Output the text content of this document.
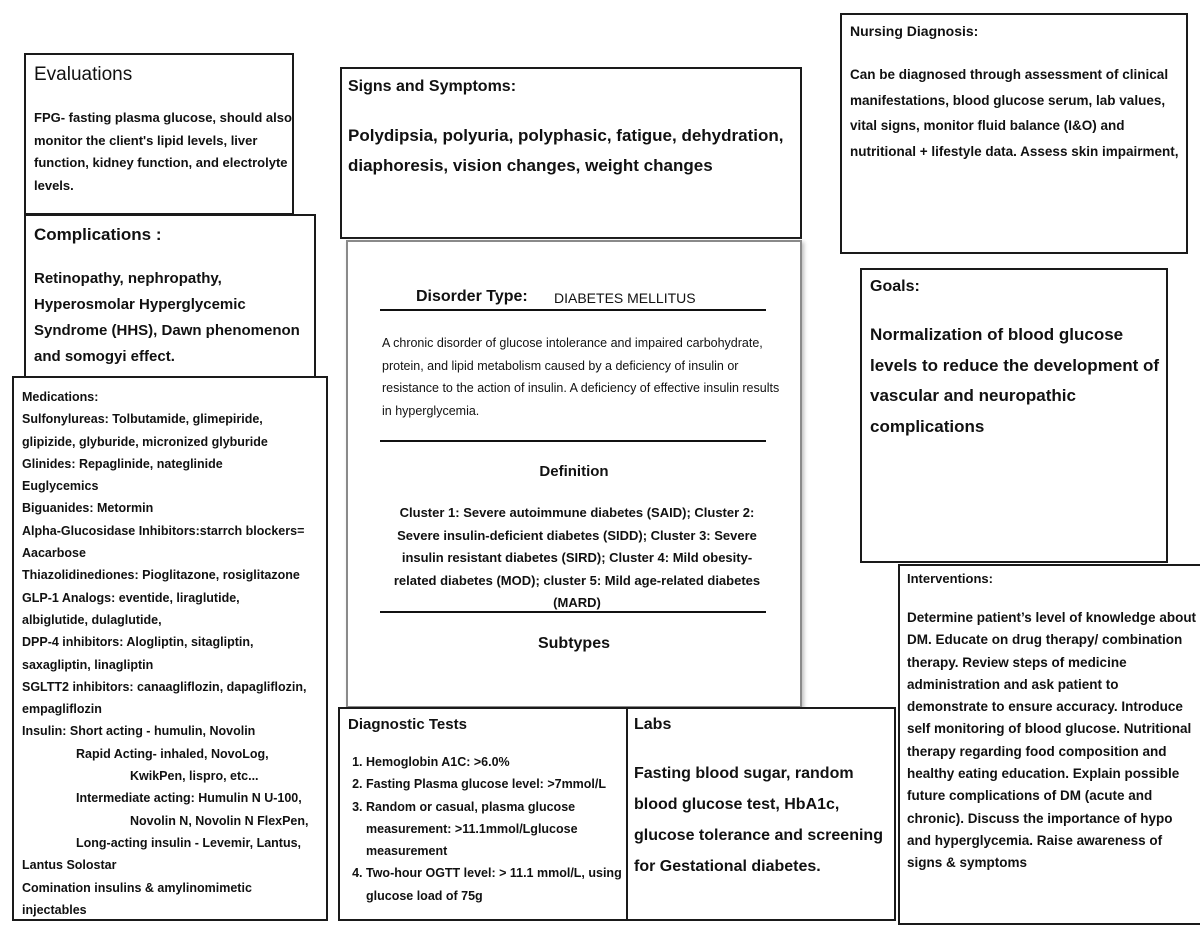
Evaluations

FPG- fasting plasma glucose, should also monitor the client's lipid levels, liver function, kidney function, and electrolyte levels.

Complications :

Retinopathy, nephropathy, Hyperosmolar Hyperglycemic Syndrome (HHS), Dawn phenomenon and somogyi effect.

Medications:
Sulfonylureas: Tolbutamide, glimepiride,
glipizide, glyburide, micronized glyburide
Glinides: Repaglinide, nateglinide
Euglycemics
Biguanides: Metormin
Alpha-Glucosidase Inhibitors:starrch blockers=
Aacarbose
Thiazolidinediones: Pioglitazone, rosiglitazone
GLP-1 Analogs: eventide, liraglutide,
albiglutide, dulaglutide,
DPP-4 inhibitors: Alogliptin, sitagliptin,
saxagliptin, linagliptin
SGLTT2 inhibitors: canaagliflozin, dapagliflozin,
empagliflozin
Insulin: Short acting - humulin, Novolin
Rapid Acting- inhaled, NovoLog,
KwikPen, lispro, etc...
Intermediate acting: Humulin N U-100,
Novolin N, Novolin N FlexPen,
Long-acting insulin - Levemir, Lantus,
Lantus Solostar
Comination insulins & amylinomimetic
injectables
Signs and Symptoms:

Polydipsia, polyuria, polyphasic, fatigue, dehydration, diaphoresis, vision changes, weight changes

Disorder Type: DIABETES MELLITUS

A chronic disorder of glucose intolerance and impaired carbohydrate, protein, and lipid metabolism caused by a deficiency of insulin or resistance to the action of insulin. A deficiency of effective insulin results in hyperglycemia.

Definition

Cluster 1: Severe autoimmune diabetes (SAID); Cluster 2: Severe insulin-deficient diabetes (SIDD); Cluster 3: Severe insulin resistant diabetes (SIRD); Cluster 4: Mild obesity-related diabetes (MOD); cluster 5: Mild age-related diabetes (MARD)

Subtypes
Diagnostic Tests
1. Hemoglobin A1C: >6.0%
2. Fasting Plasma glucose level: >7mmol/L
3. Random or casual, plasma glucose measurement: >11.1mmol/Lglucose measurement
4. Two-hour OGTT level: > 11.1 mmol/L, using glucose load of 75g
Labs

Fasting blood sugar, random blood glucose test, HbA1c, glucose tolerance and screening for Gestational diabetes.

Nursing Diagnosis:

Can be diagnosed through assessment of clinical manifestations, blood glucose serum, lab values, vital signs, monitor fluid balance (I&O) and nutritional + lifestyle data. Assess skin impairment,

Goals:

Normalization of blood glucose levels to reduce the development of vascular and neuropathic complications

Interventions:

Determine patient’s level of knowledge about DM. Educate on drug therapy/ combination therapy. Review steps of medicine administration and ask patient to demonstrate to ensure accuracy. Introduce self monitoring of blood glucose. Nutritional therapy regarding food composition and healthy eating education. Explain possible future complications of DM (acute and chronic). Discuss the importance of hypo and hyperglycemia. Raise awareness of signs & symptoms
